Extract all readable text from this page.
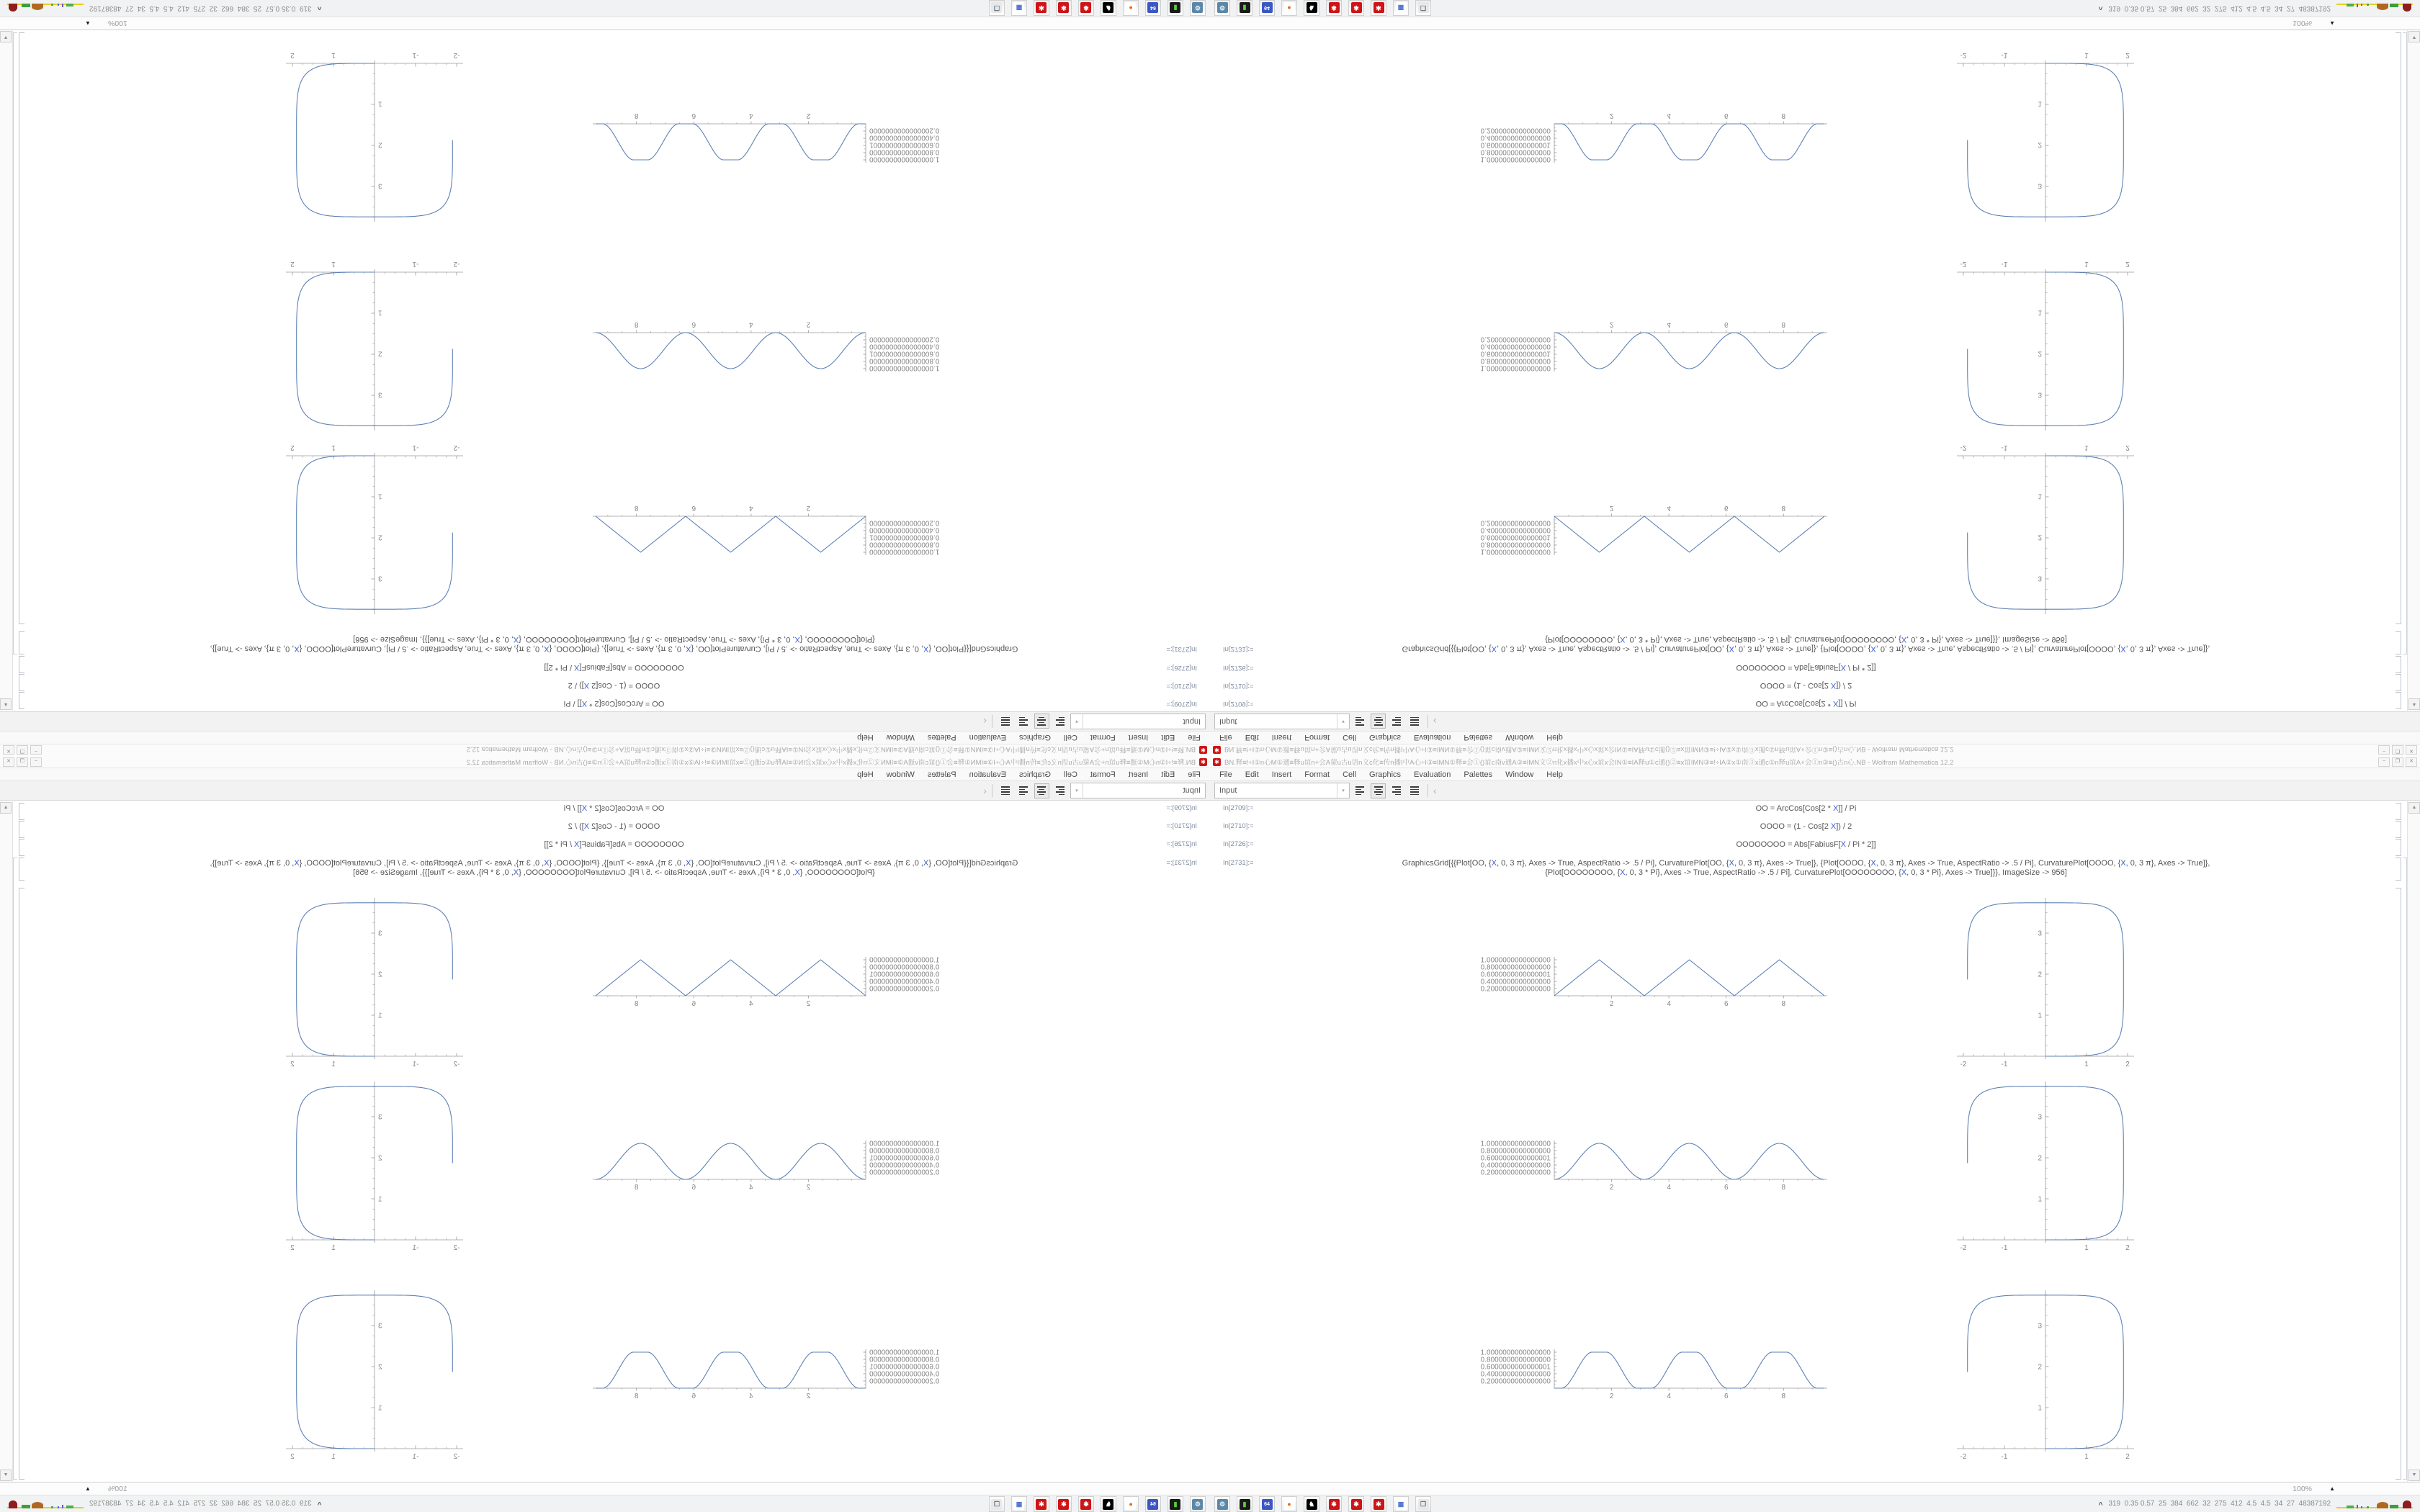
✱ BN.释≡!÷I①n心M①通≡释u谊n+会A蒙u古u语n文c化≡传n播I中A心÷I③≡IMN①释≡会①()谊c南v通A③≡IMN文②n化x播x中x心x谊x会IN①≡IA释u①c通()②≡x谊IMN③≡!÷IA②x①南③x通c①n释u谊A+会①n③≡()古n心.NB - Wolfram Mathematica 12.2	−	❐	✕
File	Edit	Insert	Format	Cell	Graphics	Evaluation	Palettes	Window	Help
Input	▾	‹
In[2709]:=	OO = ArcCos[Cos[2 * X]] / Pi
In[2710]:=	OOOO = (1 - Cos[2 X]) / 2
In[2726]:=	OOOOOOOO = Abs[FabiusF[X / Pi * 2]]
In[2731]:=	GraphicsGrid[{{Plot[OO, {X, 0, 3 π}, Axes -> True, AspectRatio -> .5 / Pi], CurvaturePlot[OO, {X, 0, 3 π}, Axes -> True]}, {Plot[OOOO, {X, 0, 3 π}, Axes -> True, AspectRatio -> .5 / Pi], CurvaturePlot[OOOO, {X, 0, 3 π}, Axes -> True]},
{Plot[OOOOOOOO, {X, 0, 3 * Pi}, Axes -> True, AspectRatio -> .5 / Pi], CurvaturePlot[OOOOOOOO, {X, 0, 3 * Pi}, Axes -> True]}}, ImageSize -> 956]
1.0000000000000000
0.8000000000000000
0.6000000000000001
0.4000000000000000
0.2000000000000000
2	4	6	8
-2	-1	1	2
1
2
3
1.0000000000000000
0.8000000000000000
0.6000000000000001
0.4000000000000000
0.2000000000000000
2	4	6	8
-2	-1	1	2
1
2
3
1.0000000000000000
0.8000000000000000
0.6000000000000001
0.4000000000000000
0.2000000000000000
2	4	6	8
-2	-1	1	2
1
2
3
▲
▼
100%	▲
⚙	▮	64	●	♞	✱	✱	✱	▦	❐	^ 319  0.35 0.57  25  384  662  32  275  412  4.5  4.5  34  27  48387192
✱
BN.释≡!÷I①n心M①通≡释u谊n+会A蒙u古u语n文c化≡传n播I中A心÷I③≡IMN①释≡会①()谊c南v通A③≡IMN文②n化x播x中x心x谊x会IN①≡IA释u①c通()②≡x谊IMN③≡!÷IA②x①南③x通c①n释u谊A+会①n③≡()古n心.NB - Wolfram Mathematica 12.2
−
❐
✕
File
Edit
Insert
Format
Cell
Graphics
Evaluation
Palettes
Window
Help
Input
▾
‹
In[2709]:=
OO = ArcCos[Cos[2 * X]] / Pi
In[2710]:=
OOOO = (1 - Cos[2 X]) / 2
In[2726]:=
OOOOOOOO = Abs[FabiusF[X / Pi * 2]]
In[2731]:=
GraphicsGrid[{{Plot[OO, {X, 0, 3 π}, Axes -> True, AspectRatio -> .5 / Pi], CurvaturePlot[OO, {X, 0, 3 π}, Axes -> True]}, {Plot[OOOO, {X, 0, 3 π}, Axes -> True, AspectRatio -> .5 / Pi], CurvaturePlot[OOOO, {X, 0, 3 π}, Axes -> True]},
{Plot[OOOOOOOO, {X, 0, 3 * Pi}, Axes -> True, AspectRatio -> .5 / Pi], CurvaturePlot[OOOOOOOO, {X, 0, 3 * Pi}, Axes -> True]}}, ImageSize -> 956]
1.0000000000000000
0.8000000000000000
0.6000000000000001
0.4000000000000000
0.2000000000000000
2
4
6
8
-2
-1
1
2
1
2
3
1.0000000000000000
0.8000000000000000
0.6000000000000001
0.4000000000000000
0.2000000000000000
2
4
6
8
-2
-1
1
2
1
2
3
1.0000000000000000
0.8000000000000000
0.6000000000000001
0.4000000000000000
0.2000000000000000
2
4
6
8
-2
-1
1
2
1
2
3
▲
▼
100%
▲
⚙
▮
64
●
♞
✱
✱
✱
▦
❐
^
319  0.35 0.57  25  384  662  32  275  412  4.5  4.5  34  27  48387192
✱ BN.释≡!÷I①n心M①通≡释u谊n+会A蒙u古u语n文c化≡传n播I中A心÷I③≡IMN①释≡会①()谊c南v通A③≡IMN文②n化x播x中x心x谊x会IN①≡IA释u①c通()②≡x谊IMN③≡!÷IA②x①南③x通c①n释u谊A+会①n③≡()古n心.NB - Wolfram Mathematica 12.2	−	❐	✕
File	Edit	Insert	Format	Cell	Graphics	Evaluation	Palettes	Window	Help
Input	▾	‹
In[2709]:=	OO = ArcCos[Cos[2 * X]] / Pi
In[2710]:=	OOOO = (1 - Cos[2 X]) / 2
In[2726]:=	OOOOOOOO = Abs[FabiusF[X / Pi * 2]]
In[2731]:=	GraphicsGrid[{{Plot[OO, {X, 0, 3 π}, Axes -> True, AspectRatio -> .5 / Pi], CurvaturePlot[OO, {X, 0, 3 π}, Axes -> True]}, {Plot[OOOO, {X, 0, 3 π}, Axes -> True, AspectRatio -> .5 / Pi], CurvaturePlot[OOOO, {X, 0, 3 π}, Axes -> True]},
{Plot[OOOOOOOO, {X, 0, 3 * Pi}, Axes -> True, AspectRatio -> .5 / Pi], CurvaturePlot[OOOOOOOO, {X, 0, 3 * Pi}, Axes -> True]}}, ImageSize -> 956]
1.0000000000000000
0.8000000000000000
0.6000000000000001
0.4000000000000000
0.2000000000000000
2	4	6	8
-2	-1	1	2
1
2
3
1.0000000000000000
0.8000000000000000
0.6000000000000001
0.4000000000000000
0.2000000000000000
2	4	6	8
-2	-1	1	2
1
2
3
1.0000000000000000
0.8000000000000000
0.6000000000000001
0.4000000000000000
0.2000000000000000
2	4	6	8
-2	-1	1	2
1
2
3
▲
▼
100%	▲
⚙	▮	64	●	♞	✱	✱	✱	▦	❐	^ 319  0.35 0.57  25  384  662  32  275  412  4.5  4.5  34  27  48387192
✱
BN.释≡!÷I①n心M①通≡释u谊n+会A蒙u古u语n文c化≡传n播I中A心÷I③≡IMN①释≡会①()谊c南v通A③≡IMN文②n化x播x中x心x谊x会IN①≡IA释u①c通()②≡x谊IMN③≡!÷IA②x①南③x通c①n释u谊A+会①n③≡()古n心.NB - Wolfram Mathematica 12.2
−
❐
✕
File
Edit
Insert
Format
Cell
Graphics
Evaluation
Palettes
Window
Help
Input
▾
‹
In[2709]:=
OO = ArcCos[Cos[2 * X]] / Pi
In[2710]:=
OOOO = (1 - Cos[2 X]) / 2
In[2726]:=
OOOOOOOO = Abs[FabiusF[X / Pi * 2]]
In[2731]:=
GraphicsGrid[{{Plot[OO, {X, 0, 3 π}, Axes -> True, AspectRatio -> .5 / Pi], CurvaturePlot[OO, {X, 0, 3 π}, Axes -> True]}, {Plot[OOOO, {X, 0, 3 π}, Axes -> True, AspectRatio -> .5 / Pi], CurvaturePlot[OOOO, {X, 0, 3 π}, Axes -> True]},
{Plot[OOOOOOOO, {X, 0, 3 * Pi}, Axes -> True, AspectRatio -> .5 / Pi], CurvaturePlot[OOOOOOOO, {X, 0, 3 * Pi}, Axes -> True]}}, ImageSize -> 956]
1.0000000000000000
0.8000000000000000
0.6000000000000001
0.4000000000000000
0.2000000000000000
2
4
6
8
-2
-1
1
2
1
2
3
1.0000000000000000
0.8000000000000000
0.6000000000000001
0.4000000000000000
0.2000000000000000
2
4
6
8
-2
-1
1
2
1
2
3
1.0000000000000000
0.8000000000000000
0.6000000000000001
0.4000000000000000
0.2000000000000000
2
4
6
8
-2
-1
1
2
1
2
3
▲
▼
100%
▲
⚙
▮
64
●
♞
✱
✱
✱
▦
❐
^
319  0.35 0.57  25  384  662  32  275  412  4.5  4.5  34  27  48387192
